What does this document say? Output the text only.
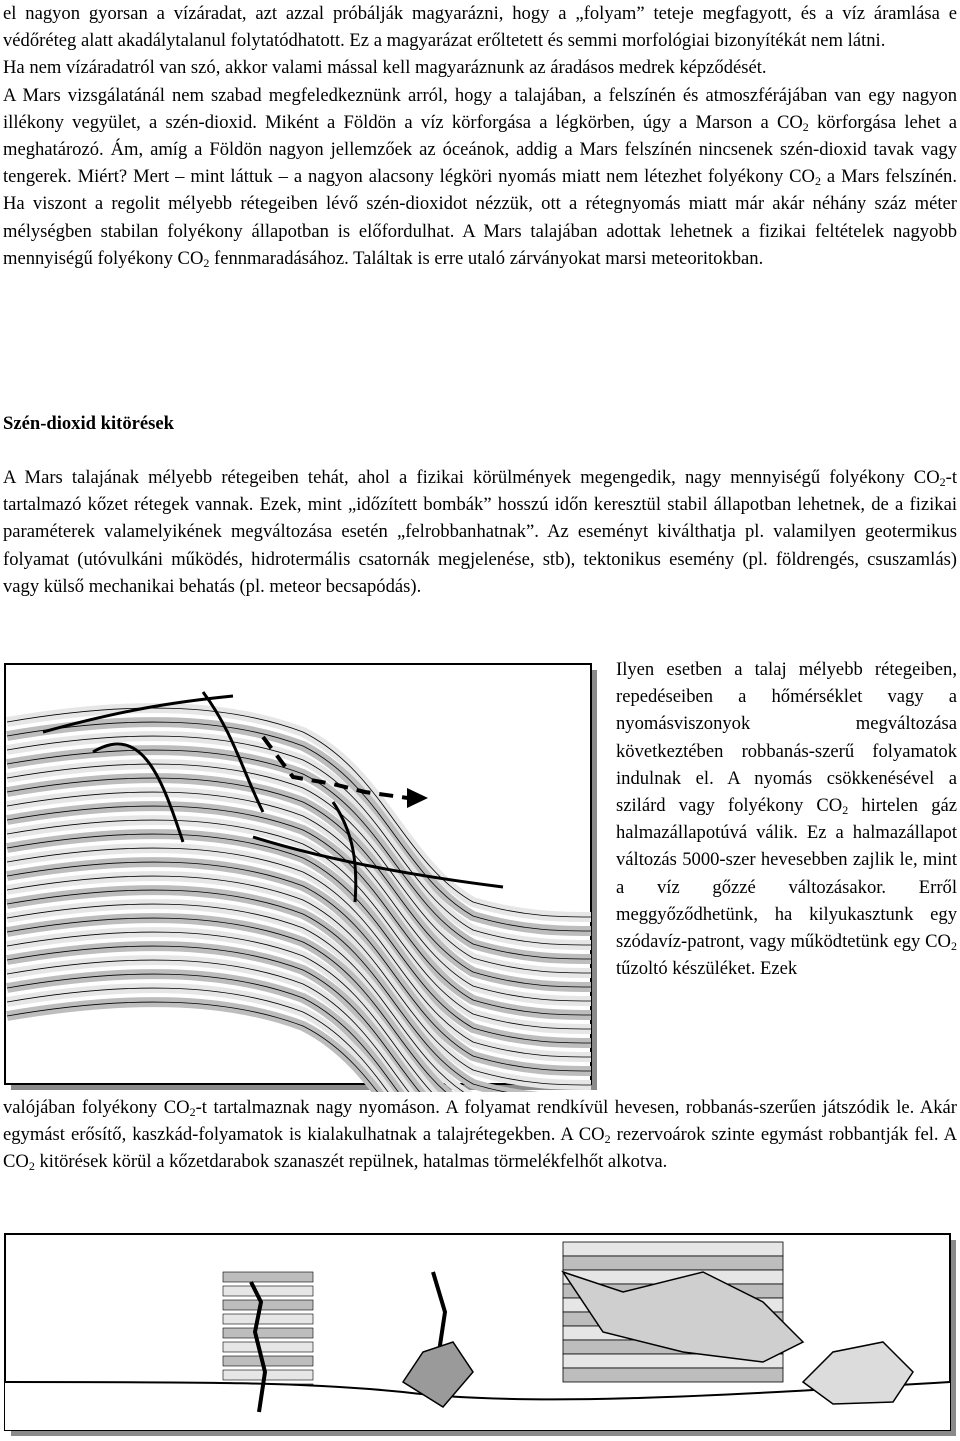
el nagyon gyorsan a vízáradat, azt azzal próbálják magyarázni, hogy a „folyam” teteje megfagyott, és a víz áramlása e védőréteg alatt akadálytalanul folytatódhatott. Ez a magyarázat erőltetett és semmi morfológiai bizonyítékát nem látni.

Ha nem vízáradatról van szó, akkor valami mással kell magyaráznunk az áradásos medrek képződését.

A Mars vizsgálatánál nem szabad megfeledkeznünk arról, hogy a talajában, a felszínén és atmoszférájában van egy nagyon illékony vegyület, a szén-dioxid. Miként a Földön a víz körforgása a légkörben, úgy a Marson a $CO_2$ körforgása lehet a meghatározó. Ám, amíg a Földön nagyon jellemzőek az óceánok, addig a Mars felszínén nincsenek szén-dioxid tavak vagy tengerek. Miért? Mert – mint láttuk – a nagyon alacsony légköri nyomás miatt nem létezhet folyékony $CO_2$ a Mars felszínén. Ha viszont a regolit mélyebb rétegeiben lévő szén-dioxidot nézzük, ott a rétegnyomás miatt már akár néhány száz méter mélységben stabilan folyékony állapotban is előfordulhat. A Mars talajában adottak lehetnek a fizikai feltételek nagyobb mennyiségű folyékony $CO_2$ fennmaradásához. Találtak is erre utaló zárványokat marsi meteoritokban.

Szén-dioxid kitörések

A Mars talajának mélyebb rétegeiben tehát, ahol a fizikai körülmények megengedik, nagy mennyiségű folyékony $CO_2-t$ tartalmazó kőzet rétegek vannak. Ezek, mint „időzített bombák” hosszú időn keresztül stabil állapotban lehetnek, de a fizikai paraméterek valamelyikének megváltozása esetén „felrobbanhatnak”. Az eseményt kiválthatja pl. valamilyen geotermikus folyamat (utóvulkáni működés, hidrotermális csatornák megjelenése, stb), tektonikus esemény (pl. földrengés, csuszamlás) vagy külső mechanikai behatás (pl. meteor becsapódás).

Ilyen esetben a talaj mélyebb rétegeiben, repedéseiben a hőmérséklet vagy a nyomásviszonyok megváltozása következtében robbanás-szerű folyamatok indulnak el. A nyomás csökkenésével a szilárd vagy folyékony $CO_2$ hirtelen gáz halmazállapotúvá válik. Ez a halmazállapot változás 5000-szer hevesebben zajlik le, mint a víz gőzzé változásakor. Erről meggyőződhetünk, ha kilyukasztunk egy szódavíz-patront, vagy működtetünk egy $CO_2$ tűzoltó készüléket. Ezek

valójában folyékony $CO_2-t$ tartalmaznak nagy nyomáson. A folyamat rendkívül hevesen, robbanás-szerűen játszódik le. Akár egymást erősítő, kaszkád-folyamatok is kialakulhatnak a talajrétegekben. A $CO_2$ rezervoárok szinte egymást robbantják fel. A $CO_2$ kitörések körül a kőzetdarabok szanaszét repülnek, hatalmas törmelékfelhőt alkotva.
